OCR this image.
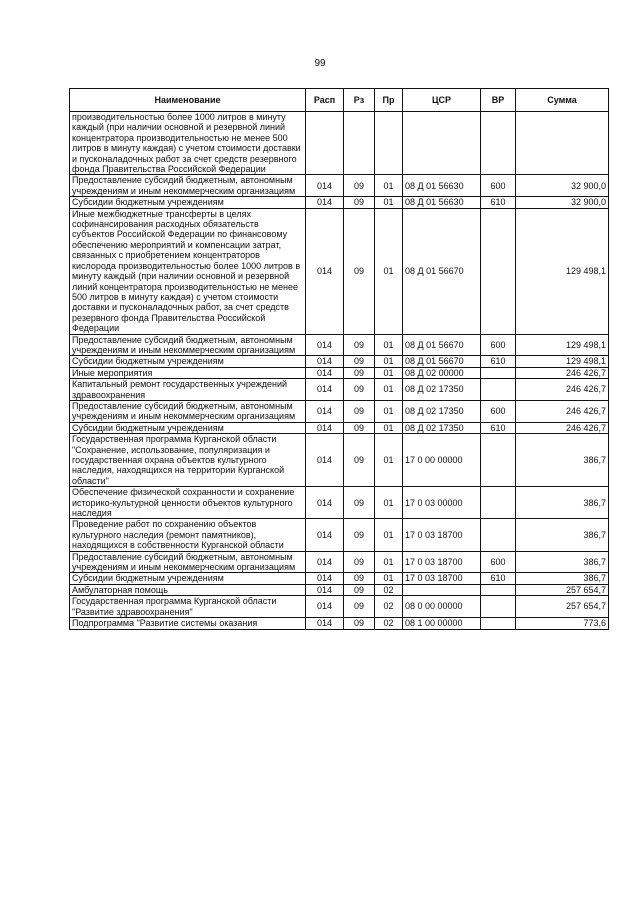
99
Наименование	Расп	Рз	Пр	ЦСР	ВР	Сумма
производительностью более 1000 литров в минуту каждый (при наличии основной и резервной линий концентратора производительностью не менее 500 литров в минуту каждая) с учетом стоимости доставки и пусконаладочных работ за счет средств резервного фонда Правительства Российской Федерации						
Предоставление субсидий бюджетным, автономным учреждениям и иным некоммерческим организациям	014	09	01	08 Д 01 56630	600	32 900,0
Субсидии бюджетным учреждениям	014	09	01	08 Д 01 56630	610	32 900,0
Иные межбюджетные трансферты в целях софинансирования расходных обязательств субъектов Российской Федерации по финансовому обеспечению мероприятий и компенсации затрат, связанных с приобретением концентраторов кислорода производительностью более 1000 литров в минуту каждый (при наличии основной и резервной линий концентратора производительностью не менее 500 литров в минуту каждая) с учетом стоимости доставки и пусконаладочных работ, за счет средств резервного фонда Правительства Российской Федерации	014	09	01	08 Д 01 56670		129 498,1
Предоставление субсидий бюджетным, автономным учреждениям и иным некоммерческим организациям	014	09	01	08 Д 01 56670	600	129 498,1
Субсидии бюджетным учреждениям	014	09	01	08 Д 01 56670	610	129 498,1
Иные мероприятия	014	09	01	08 Д 02 00000		246 426,7
Капитальный ремонт государственных учреждений здравоохранения	014	09	01	08 Д 02 17350		246 426,7
Предоставление субсидий бюджетным, автономным учреждениям и иным некоммерческим организациям	014	09	01	08 Д 02 17350	600	246 426,7
Субсидии бюджетным учреждениям	014	09	01	08 Д 02 17350	610	246 426,7
Государственная программа Курганской области "Сохранение, использование, популяризация и государственная охрана объектов культурного наследия, находящихся на территории Курганской области"	014	09	01	17 0 00 00000		386,7
Обеспечение физической сохранности и сохранение историко-культурной ценности объектов культурного наследия	014	09	01	17 0 03 00000		386,7
Проведение работ по сохранению объектов культурного наследия (ремонт памятников), находящихся в собственности Курганской области	014	09	01	17 0 03 18700		386,7
Предоставление субсидий бюджетным, автономным учреждениям и иным некоммерческим организациям	014	09	01	17 0 03 18700	600	386,7
Субсидии бюджетным учреждениям	014	09	01	17 0 03 18700	610	386,7
Амбулаторная помощь	014	09	02			257 654,7
Государственная программа Курганской области "Развитие здравоохранения"	014	09	02	08 0 00 00000		257 654,7
Подпрограмма "Развитие системы оказания	014	09	02	08 1 00 00000		773,6
